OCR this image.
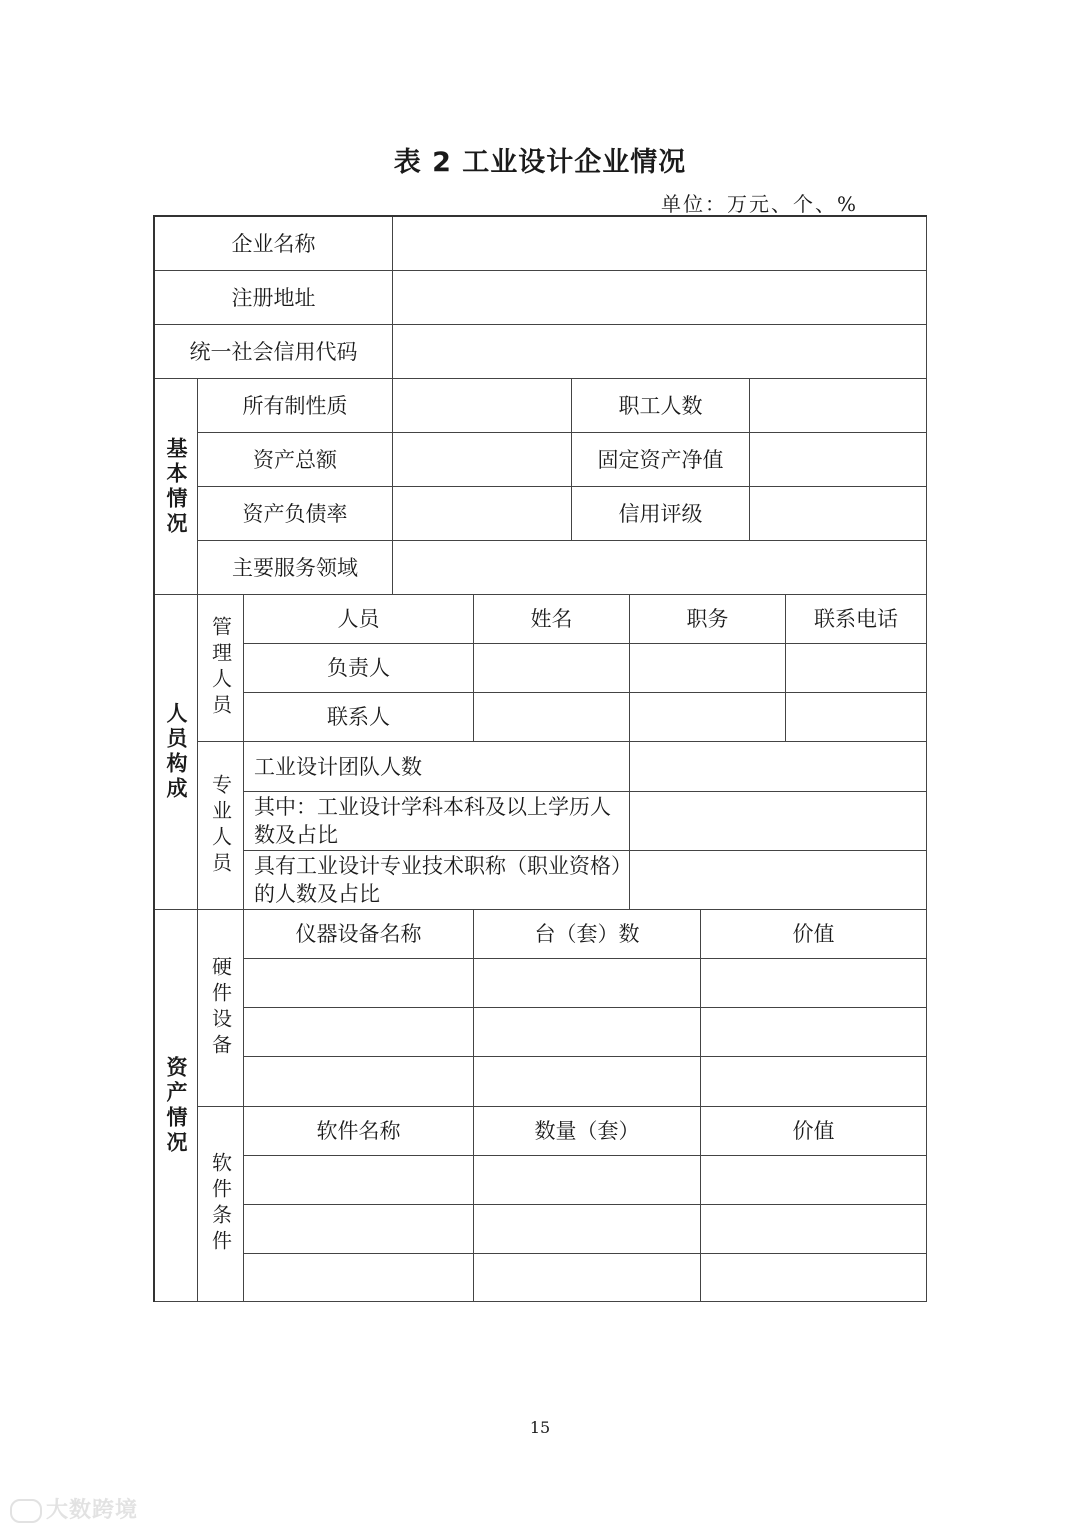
表 2 工业设计企业情况
单位：万元、个、%
企业名称
注册地址
统一社会信用代码
基本情况
所有制性质	职工人数
资产总额	固定资产净值
资产负债率	信用评级
主要服务领域
人员构成
管理人员	人员	姓名	职务	联系电话
负责人
联系人
专业人员
工业设计团队人数
其中：工业设计学科本科及以上学历人数及占比
具有工业设计专业技术职称（职业资格）的人数及占比
资产情况
硬件设备
仪器设备名称	台（套）数	价值
软件条件
软件名称	数量（套）	价值
15
大数跨境
